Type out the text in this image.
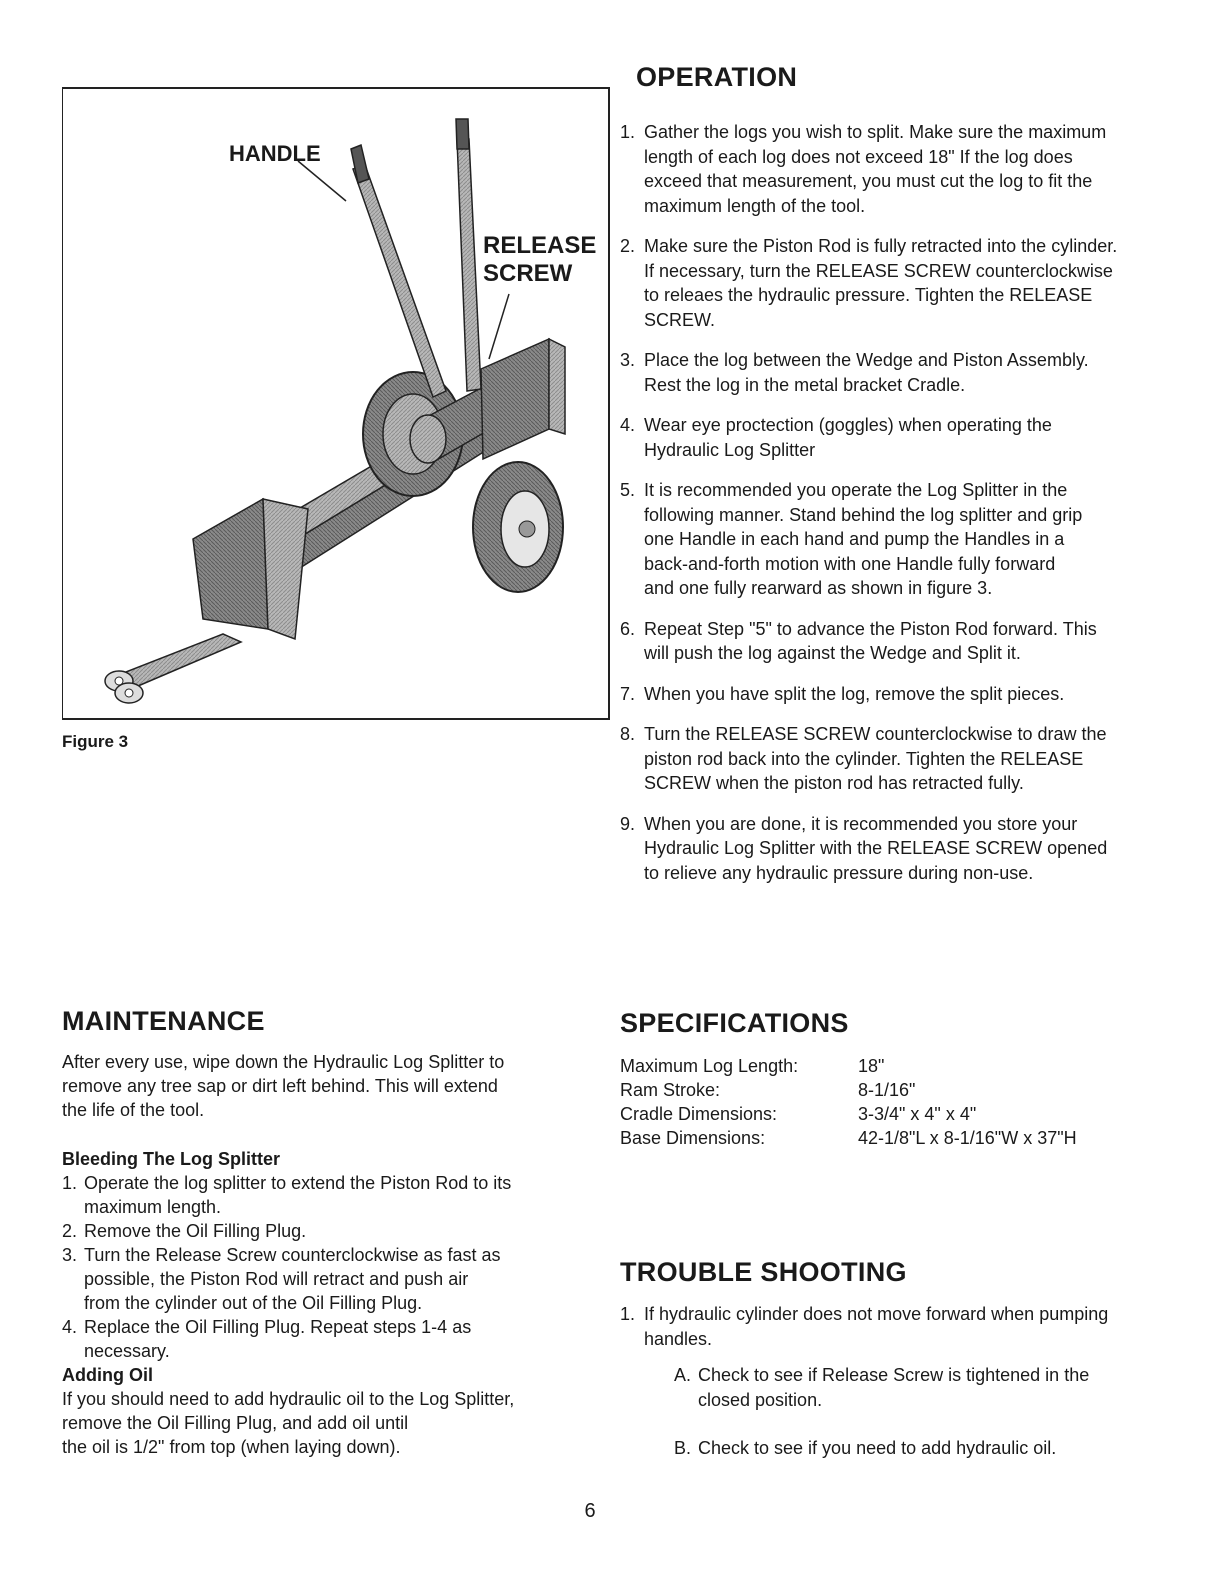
HANDLE
RELEASE
SCREW
Figure 3
OPERATION
1. Gather the logs you wish to split. Make sure the maximum
length of each log does not exceed 18" If the log does
exceed that measurement, you must cut the log to fit the
maximum length of the tool.
2. Make sure the Piston Rod is fully retracted into the cylinder.
If necessary, turn the RELEASE SCREW counterclockwise
to releaes the hydraulic pressure. Tighten the RELEASE
SCREW.
3. Place the log between the Wedge and Piston Assembly.
Rest the log in the metal bracket Cradle.
4. Wear eye proctection (goggles) when operating the
Hydraulic Log Splitter
5. It is recommended you operate the Log Splitter in the
following manner. Stand behind the log splitter and grip
one Handle in each hand and pump the Handles in a
back-and-forth motion with one Handle fully forward
and one fully rearward as shown in figure 3.
6. Repeat Step "5" to advance the Piston Rod forward. This
will push the log against the Wedge and Split it.
7. When you have split the log, remove the split pieces.
8. Turn the RELEASE SCREW counterclockwise to draw the
piston rod back into the cylinder. Tighten the RELEASE
SCREW when the piston rod has retracted fully.
9. When you are done, it is recommended you store your
Hydraulic Log Splitter with the RELEASE SCREW opened
to relieve any hydraulic pressure during non-use.
MAINTENANCE
After every use, wipe down the Hydraulic Log Splitter to
remove any tree sap or dirt left behind. This will extend
the life of the tool.
Bleeding The Log Splitter
1. Operate the log splitter to extend the Piston Rod to its
maximum length.
2. Remove the Oil Filling Plug.
3. Turn the Release Screw counterclockwise as fast as
possible, the Piston Rod will retract and push air
from the cylinder out of the Oil Filling Plug.
4. Replace the Oil Filling Plug. Repeat steps 1-4 as
necessary.
Adding Oil
If you should need to add hydraulic oil to the Log Splitter,
remove the Oil Filling Plug, and add oil until
the oil is 1/2" from top (when laying down).
SPECIFICATIONS
Maximum Log Length:	18"
Ram Stroke:	8-1/16"
Cradle Dimensions:	3-3/4" x 4" x 4"
Base Dimensions:	42-1/8"L x 8-1/16"W x 37"H
TROUBLE SHOOTING
1. If hydraulic cylinder does not move forward when pumping
handles.
A. Check to see if Release Screw is tightened in the
closed position.
B. Check to see if you need to add hydraulic oil.
6
